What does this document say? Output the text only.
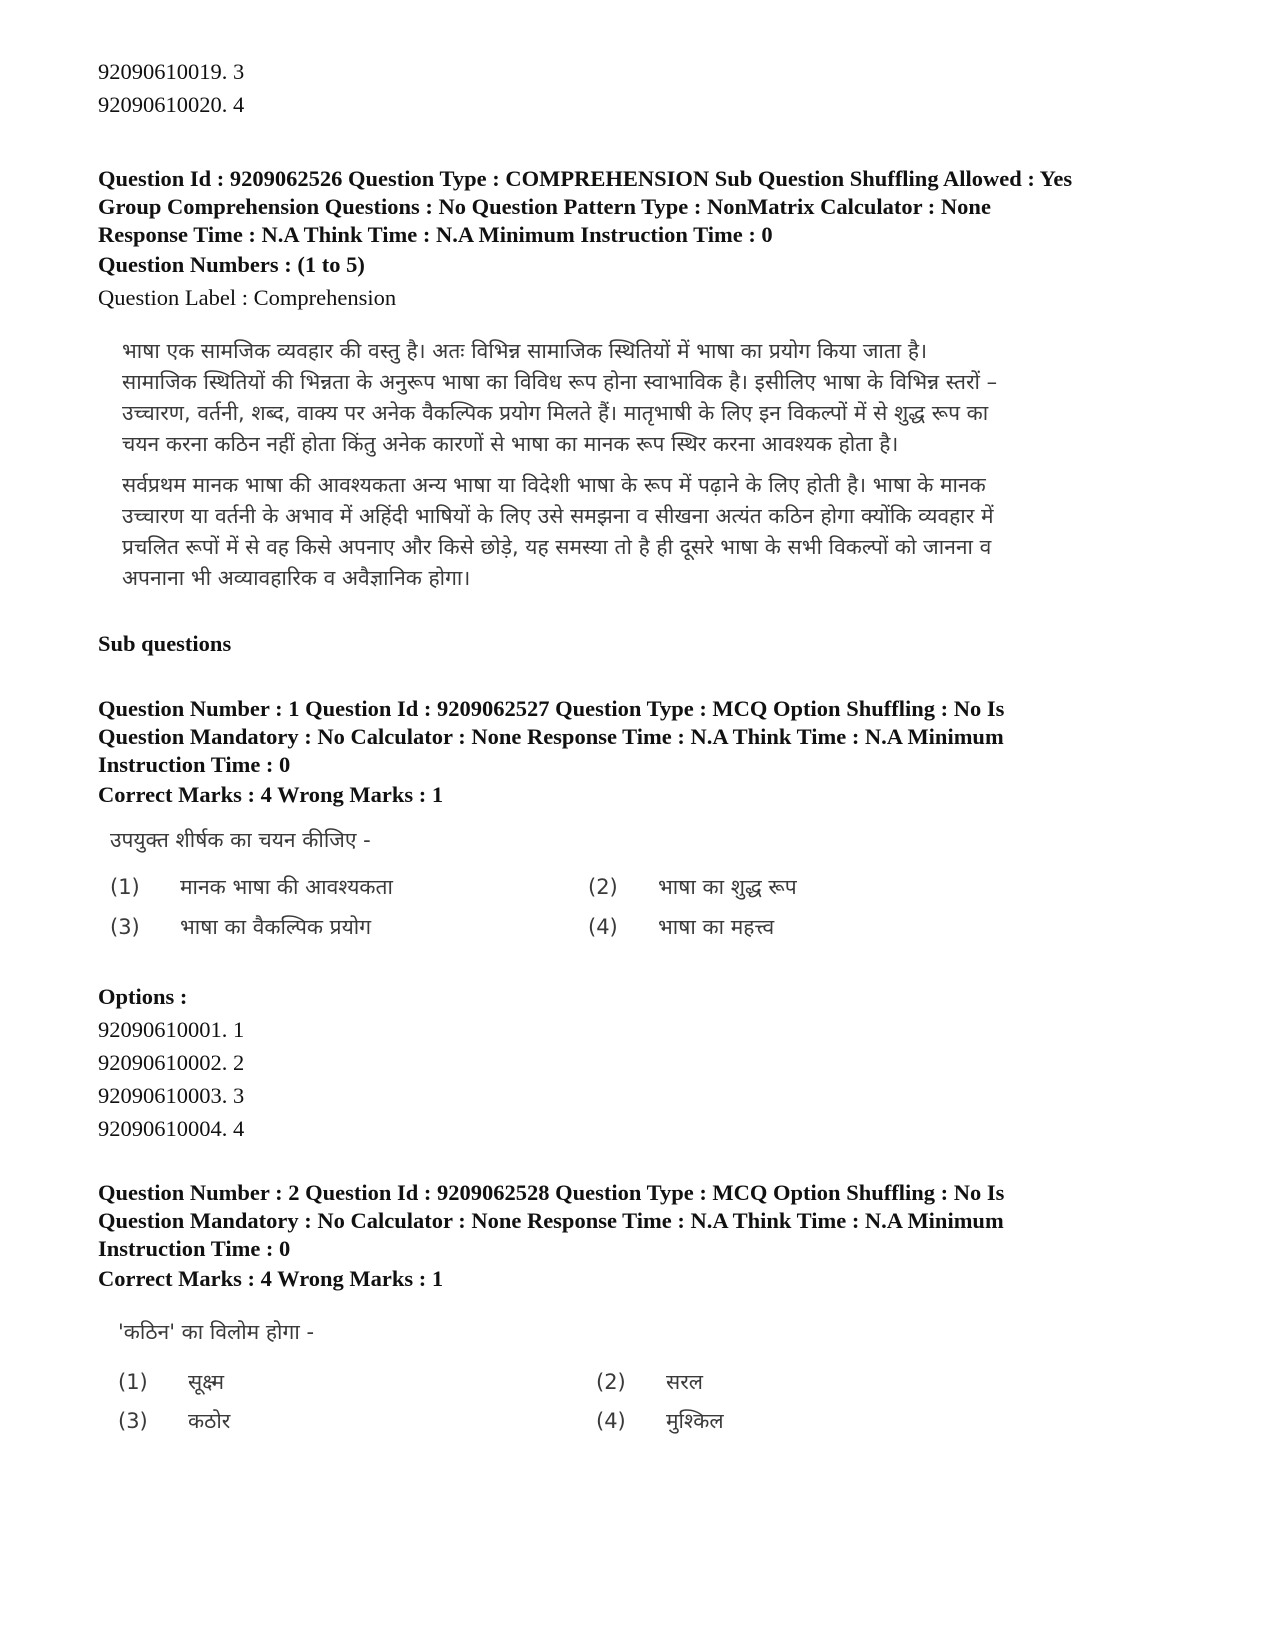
92090610019. 3
92090610020. 4
Question Id : 9209062526 Question Type : COMPREHENSION Sub Question Shuffling Allowed : Yes
Group Comprehension Questions : No Question Pattern Type : NonMatrix Calculator : None
Response Time : N.A Think Time : N.A Minimum Instruction Time : 0
Question Numbers : (1 to 5)
Question Label : Comprehension

भाषा एक सामजिक व्यवहार की वस्तु है। अतः विभिन्न सामाजिक स्थितियों में भाषा का प्रयोग किया जाता है।

सामाजिक स्थितियों की भिन्नता के अनुरूप भाषा का विविध रूप होना स्वाभाविक है। इसीलिए भाषा के विभिन्न स्तरों –

उच्चारण, वर्तनी, शब्द, वाक्य पर अनेक वैकल्पिक प्रयोग मिलते हैं। मातृभाषी के लिए इन विकल्पों में से शुद्ध रूप का

चयन करना कठिन नहीं होता किंतु अनेक कारणों से भाषा का मानक रूप स्थिर करना आवश्यक होता है।

सर्वप्रथम मानक भाषा की आवश्यकता अन्य भाषा या विदेशी भाषा के रूप में पढ़ाने के लिए होती है। भाषा के मानक

उच्चारण या वर्तनी के अभाव में अहिंदी भाषियों के लिए उसे समझना व सीखना अत्यंत कठिन होगा क्योंकि व्यवहार में

प्रचलित रूपों में से वह किसे अपनाए और किसे छोड़े, यह समस्या तो है ही दूसरे भाषा के सभी विकल्पों को जानना व

अपनाना भी अव्यावहारिक व अवैज्ञानिक होगा।

Sub questions
Question Number : 1 Question Id : 9209062527 Question Type : MCQ Option Shuffling : No Is
Question Mandatory : No Calculator : None Response Time : N.A Think Time : N.A Minimum
Instruction Time : 0
Correct Marks : 4 Wrong Marks : 1
उपयुक्त शीर्षक का चयन कीजिए -
(1) मानक भाषा की आवश्यकता	(2) भाषा का शुद्ध रूप
(3) भाषा का वैकल्पिक प्रयोग	(4) भाषा का महत्त्व
Options :
92090610001. 1
92090610002. 2
92090610003. 3
92090610004. 4
Question Number : 2 Question Id : 9209062528 Question Type : MCQ Option Shuffling : No Is
Question Mandatory : No Calculator : None Response Time : N.A Think Time : N.A Minimum
Instruction Time : 0
Correct Marks : 4 Wrong Marks : 1
'कठिन' का विलोम होगा -
(1) सूक्ष्म	(2) सरल
(3) कठोर	(4) मुश्किल
